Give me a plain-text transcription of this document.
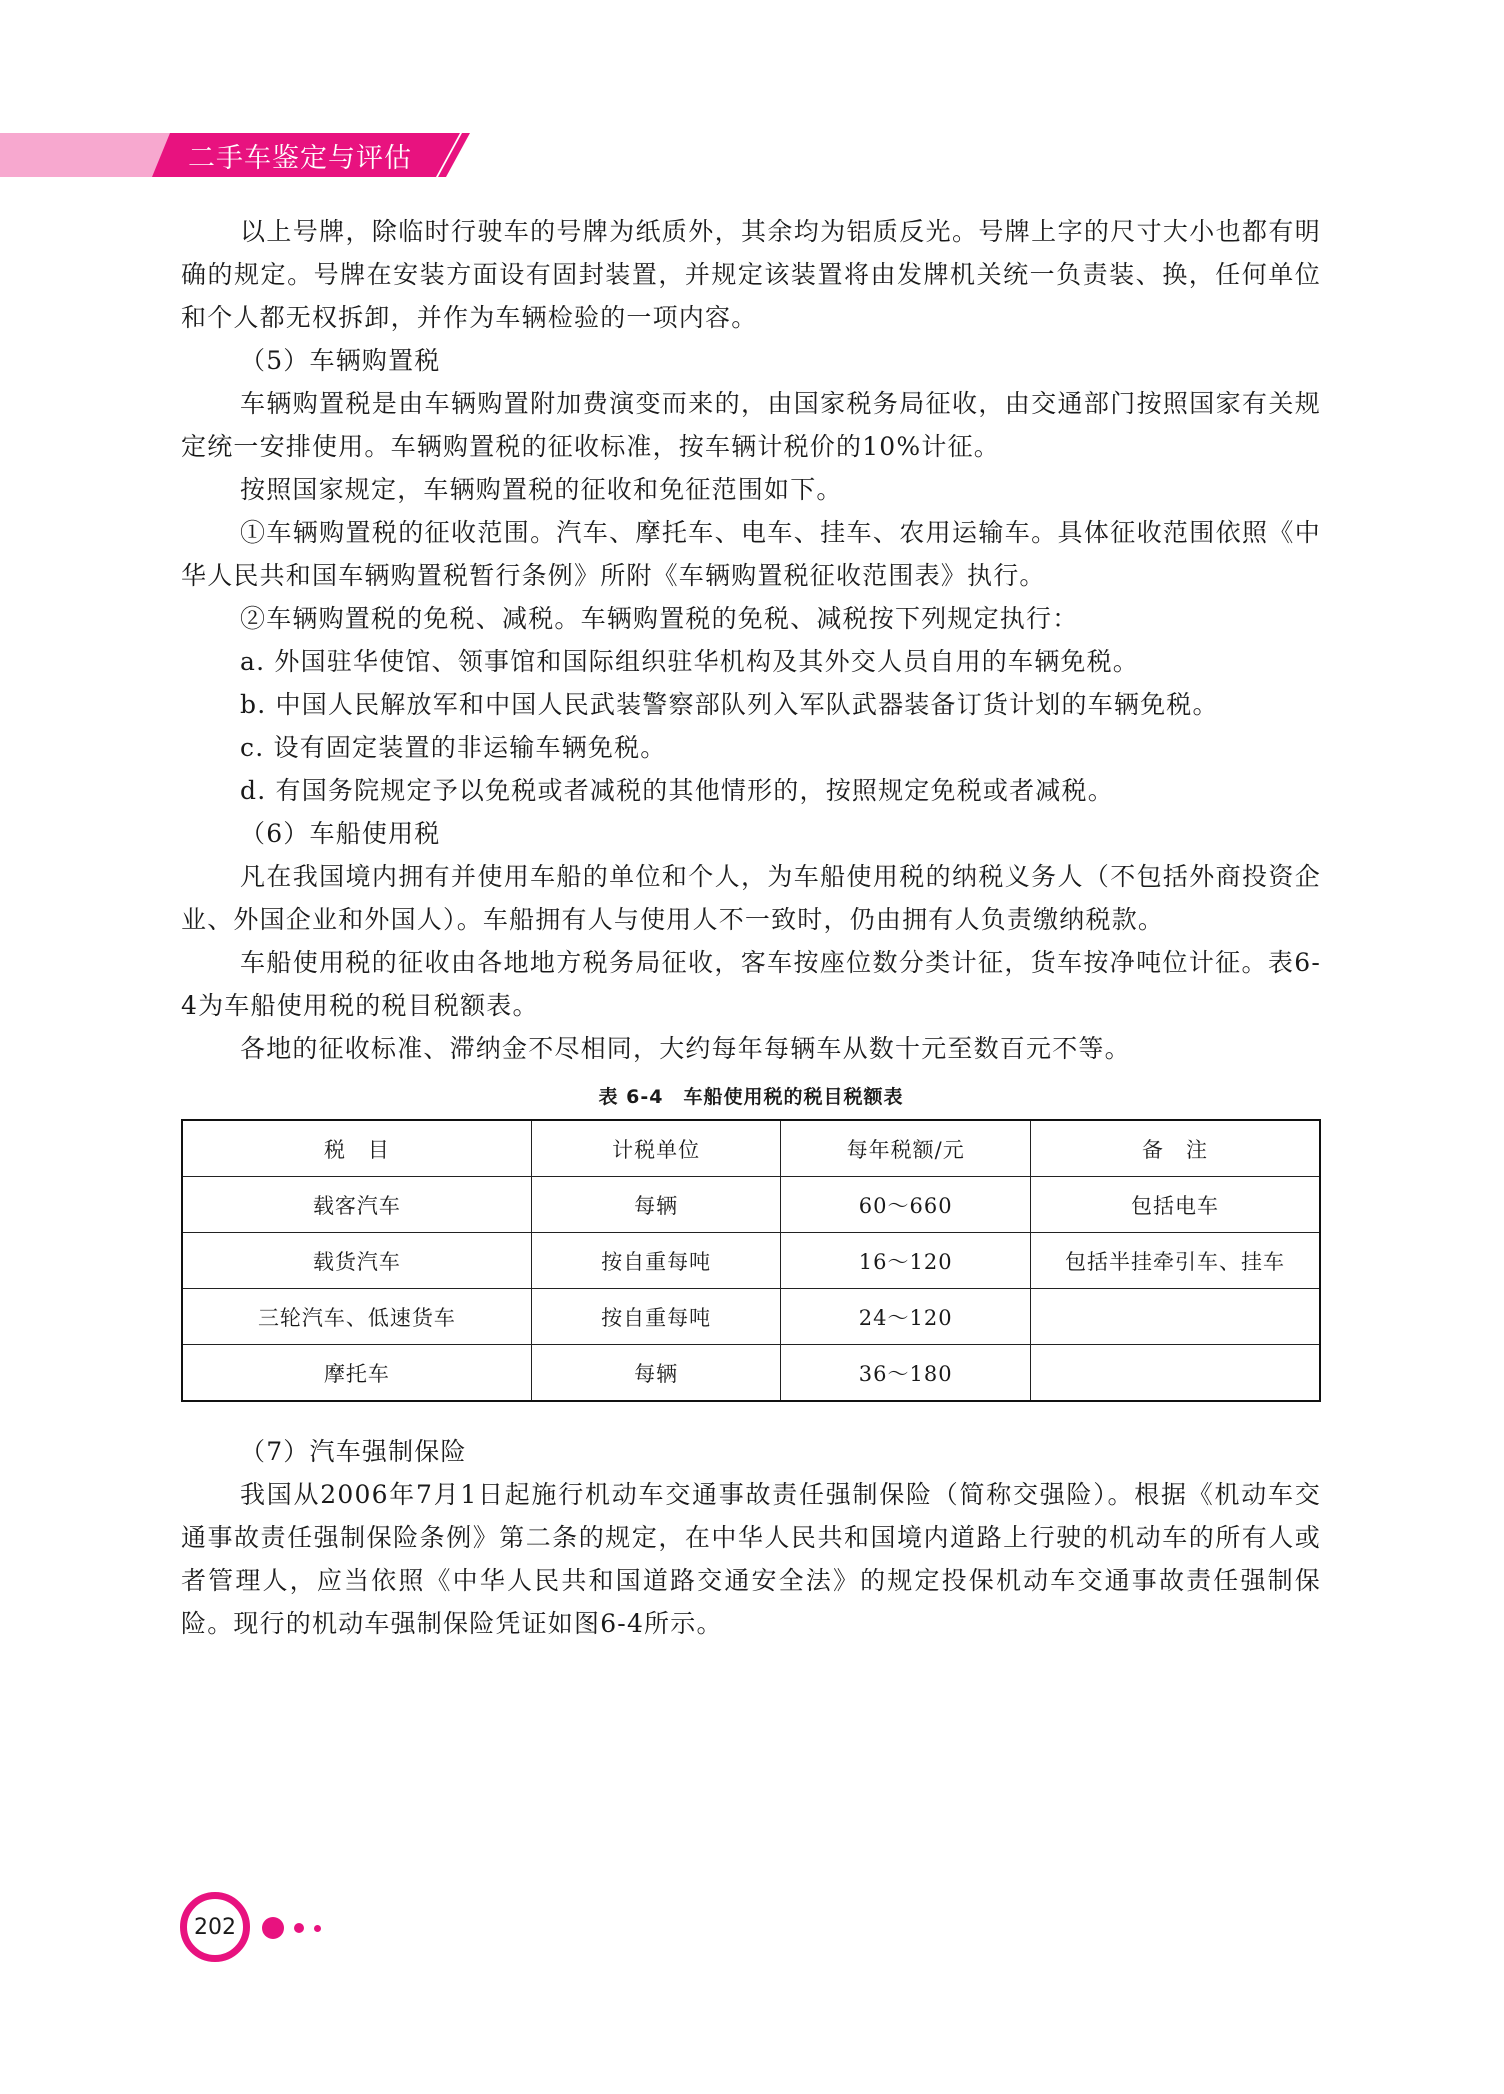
二手车鉴定与评估

以上号牌，除临时行驶车的号牌为纸质外，其余均为铝质反光。号牌上字的尺寸大小也都有明确的规定。号牌在安装方面设有固封装置，并规定该装置将由发牌机关统一负责装、换，任何单位和个人都无权拆卸，并作为车辆检验的一项内容。

（5）车辆购置税

车辆购置税是由车辆购置附加费演变而来的，由国家税务局征收，由交通部门按照国家有关规定统一安排使用。车辆购置税的征收标准，按车辆计税价的10%计征。

按照国家规定，车辆购置税的征收和免征范围如下。

①车辆购置税的征收范围。汽车、摩托车、电车、挂车、农用运输车。具体征收范围依照《中华人民共和国车辆购置税暂行条例》所附《车辆购置税征收范围表》执行。

②车辆购置税的免税、减税。车辆购置税的免税、减税按下列规定执行：

a. 外国驻华使馆、领事馆和国际组织驻华机构及其外交人员自用的车辆免税。

b. 中国人民解放军和中国人民武装警察部队列入军队武器装备订货计划的车辆免税。

c. 设有固定装置的非运输车辆免税。

d. 有国务院规定予以免税或者减税的其他情形的，按照规定免税或者减税。

（6）车船使用税

凡在我国境内拥有并使用车船的单位和个人，为车船使用税的纳税义务人（不包括外商投资企业、外国企业和外国人）。车船拥有人与使用人不一致时，仍由拥有人负责缴纳税款。

车船使用税的征收由各地地方税务局征收，客车按座位数分类计征，货车按净吨位计征。表6-4为车船使用税的税目税额表。

各地的征收标准、滞纳金不尽相同，大约每年每辆车从数十元至数百元不等。

表 6-4　车船使用税的税目税额表
税　目	计税单位	每年税额/元	备　注
载客汽车	每辆	60～660	包括电车
载货汽车	按自重每吨	16～120	包括半挂牵引车、挂车
三轮汽车、低速货车	按自重每吨	24～120	
摩托车	每辆	36～180	

（7）汽车强制保险

我国从2006年7月1日起施行机动车交通事故责任强制保险（简称交强险）。根据《机动车交通事故责任强制保险条例》第二条的规定，在中华人民共和国境内道路上行驶的机动车的所有人或者管理人，应当依照《中华人民共和国道路交通安全法》的规定投保机动车交通事故责任强制保险。现行的机动车强制保险凭证如图6-4所示。

202
